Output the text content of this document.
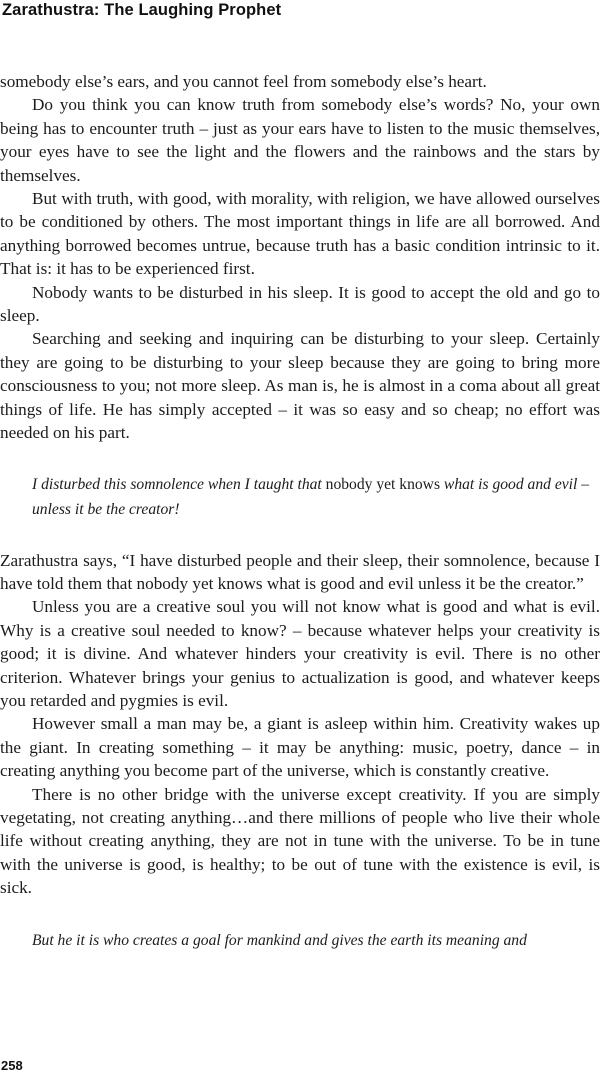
Zarathustra: The Laughing Prophet

somebody else’s ears, and you cannot feel from somebody else’s heart.

Do you think you can know truth from somebody else’s words? No, your own being has to encounter truth – just as your ears have to listen to the music themselves, your eyes have to see the light and the flowers and the rainbows and the stars by themselves.

But with truth, with good, with morality, with religion, we have allowed ourselves to be conditioned by others. The most important things in life are all borrowed. And anything borrowed becomes untrue, because truth has a basic condition intrinsic to it. That is: it has to be experienced first.

Nobody wants to be disturbed in his sleep. It is good to accept the old and go to sleep.

Searching and seeking and inquiring can be disturbing to your sleep. Certainly they are going to be disturbing to your sleep because they are going to bring more consciousness to you; not more sleep. As man is, he is almost in a coma about all great things of life. He has simply accepted – it was so easy and so cheap; no effort was needed on his part.

I disturbed this somnolence when I taught that nobody yet knows what is good and evil – unless it be the creator!

Zarathustra says, “I have disturbed people and their sleep, their somnolence, because I have told them that nobody yet knows what is good and evil unless it be the creator.”

Unless you are a creative soul you will not know what is good and what is evil. Why is a creative soul needed to know? – because whatever helps your creativity is good; it is divine. And whatever hinders your creativity is evil. There is no other criterion. Whatever brings your genius to actualization is good, and whatever keeps you retarded and pygmies is evil.

However small a man may be, a giant is asleep within him. Creativity wakes up the giant. In creating something – it may be anything: music, poetry, dance – in creating anything you become part of the universe, which is constantly creative.

There is no other bridge with the universe except creativity. If you are simply vegetating, not creating anything…and there millions of people who live their whole life without creating anything, they are not in tune with the universe. To be in tune with the universe is good, is healthy; to be out of tune with the existence is evil, is sick.

But he it is who creates a goal for mankind and gives the earth its meaning and

258
